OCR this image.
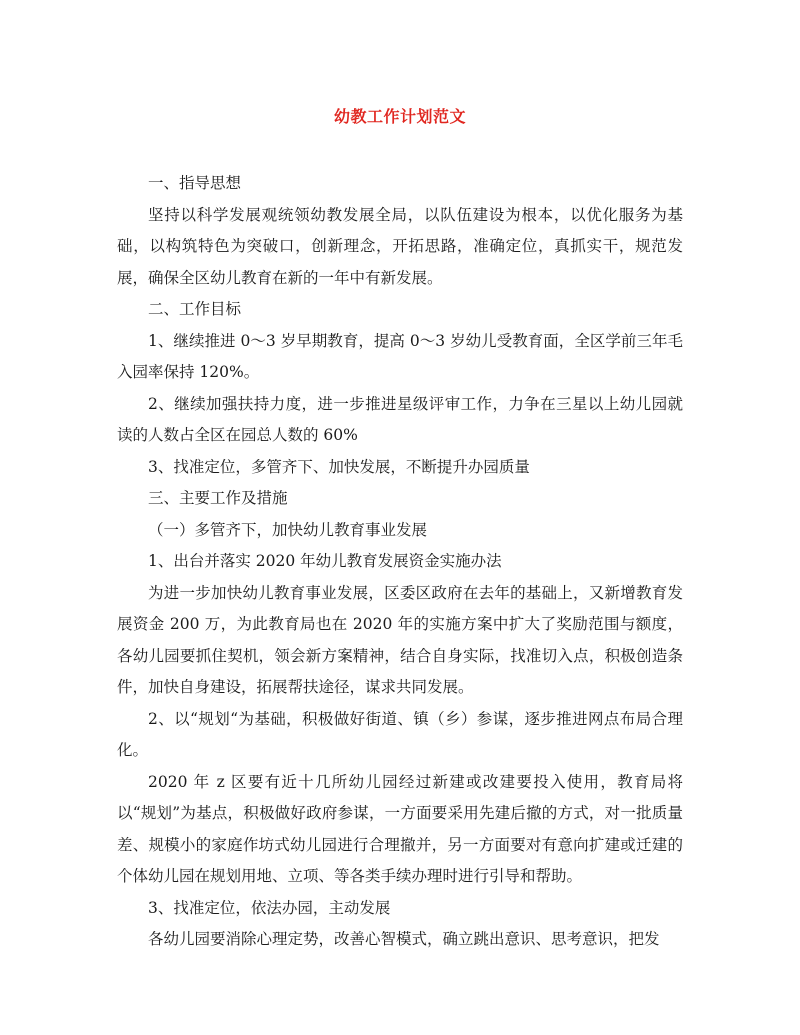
幼教工作计划范文

一、指导思想

坚持以科学发展观统领幼教发展全局，以队伍建设为根本，以优化服务为基础，以构筑特色为突破口，创新理念，开拓思路，准确定位，真抓实干，规范发展，确保全区幼儿教育在新的一年中有新发展。

二、工作目标

1、继续推进 0～3 岁早期教育，提高 0～3 岁幼儿受教育面，全区学前三年毛入园率保持 120%。

2、继续加强扶持力度，进一步推进星级评审工作，力争在三星以上幼儿园就读的人数占全区在园总人数的 60%

3、找准定位，多管齐下、加快发展，不断提升办园质量

三、主要工作及措施

（一）多管齐下，加快幼儿教育事业发展

1、出台并落实 2020 年幼儿教育发展资金实施办法

为进一步加快幼儿教育事业发展，区委区政府在去年的基础上，又新增教育发展资金 200 万，为此教育局也在 2020 年的实施方案中扩大了奖励范围与额度，各幼儿园要抓住契机，领会新方案精神，结合自身实际，找准切入点，积极创造条件，加快自身建设，拓展帮扶途径，谋求共同发展。

2、以“规划“为基础，积极做好街道、镇（乡）参谋，逐步推进网点布局合理化。

2020 年 z 区要有近十几所幼儿园经过新建或改建要投入使用，教育局将以“规划”为基点，积极做好政府参谋，一方面要采用先建后撤的方式，对一批质量差、规模小的家庭作坊式幼儿园进行合理撤并，另一方面要对有意向扩建或迁建的个体幼儿园在规划用地、立项、等各类手续办理时进行引导和帮助。

3、找准定位，依法办园，主动发展

各幼儿园要消除心理定势，改善心智模式，确立跳出意识、思考意识，把发
